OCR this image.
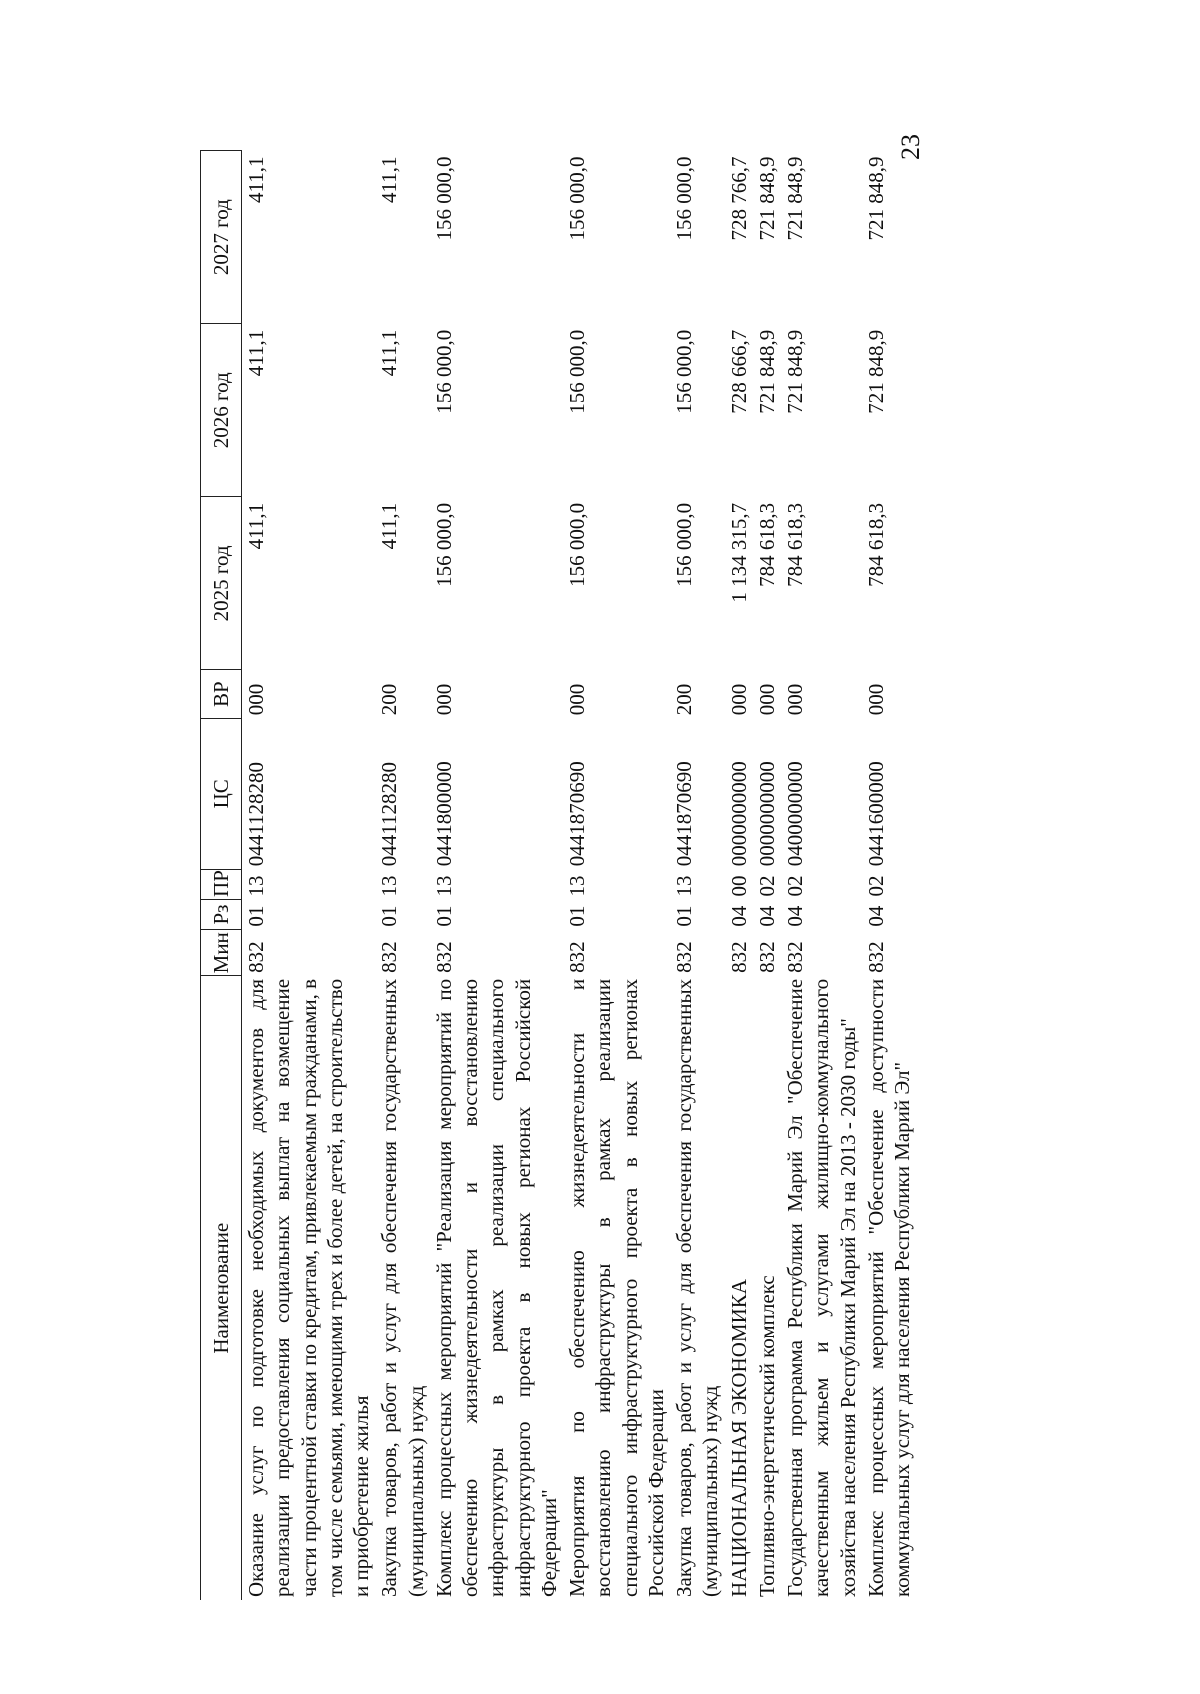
23
Наименование	Мин	Рз	ПР	ЦС	ВР	2025 год	2026 год	2027 год
Оказание услуг по подготовке необходимых документов для реализации предоставления социальных выплат на возмещение части процентной ставки по кредитам, привлекаемым гражданами, в том числе семьями, имеющими трех и более детей, на строительство и приобретение жилья	832	01	13	0441128280	000	411,1	411,1	411,1
Закупка товаров, работ и услуг для обеспечения государственных (муниципальных) нужд	832	01	13	0441128280	200	411,1	411,1	411,1
Комплекс процессных мероприятий "Реализация мероприятий по обеспечению жизнедеятельности и восстановлению инфраструктуры в рамках реализации специального инфраструктурного проекта в новых регионах Российской Федерации"	832	01	13	0441800000	000	156 000,0	156 000,0	156 000,0
Мероприятия по обеспечению жизнедеятельности и восстановлению инфраструктуры в рамках реализации специального инфраструктурного проекта в новых регионах Российской Федерации	832	01	13	0441870690	000	156 000,0	156 000,0	156 000,0
Закупка товаров, работ и услуг для обеспечения государственных (муниципальных) нужд	832	01	13	0441870690	200	156 000,0	156 000,0	156 000,0
НАЦИОНАЛЬНАЯ ЭКОНОМИКА	832	04	00	0000000000	000	1 134 315,7	728 666,7	728 766,7
Топливно-энергетический комплекс	832	04	02	0000000000	000	784 618,3	721 848,9	721 848,9
Государственная программа Республики Марий Эл "Обеспечение качественным жильем и услугами жилищно-коммунального хозяйства населения Республики Марий Эл на 2013 - 2030 годы"	832	04	02	0400000000	000	784 618,3	721 848,9	721 848,9
Комплекс процессных мероприятий "Обеспечение доступности коммунальных услуг для населения Республики Марий Эл"	832	04	02	0441600000	000	784 618,3	721 848,9	721 848,9
